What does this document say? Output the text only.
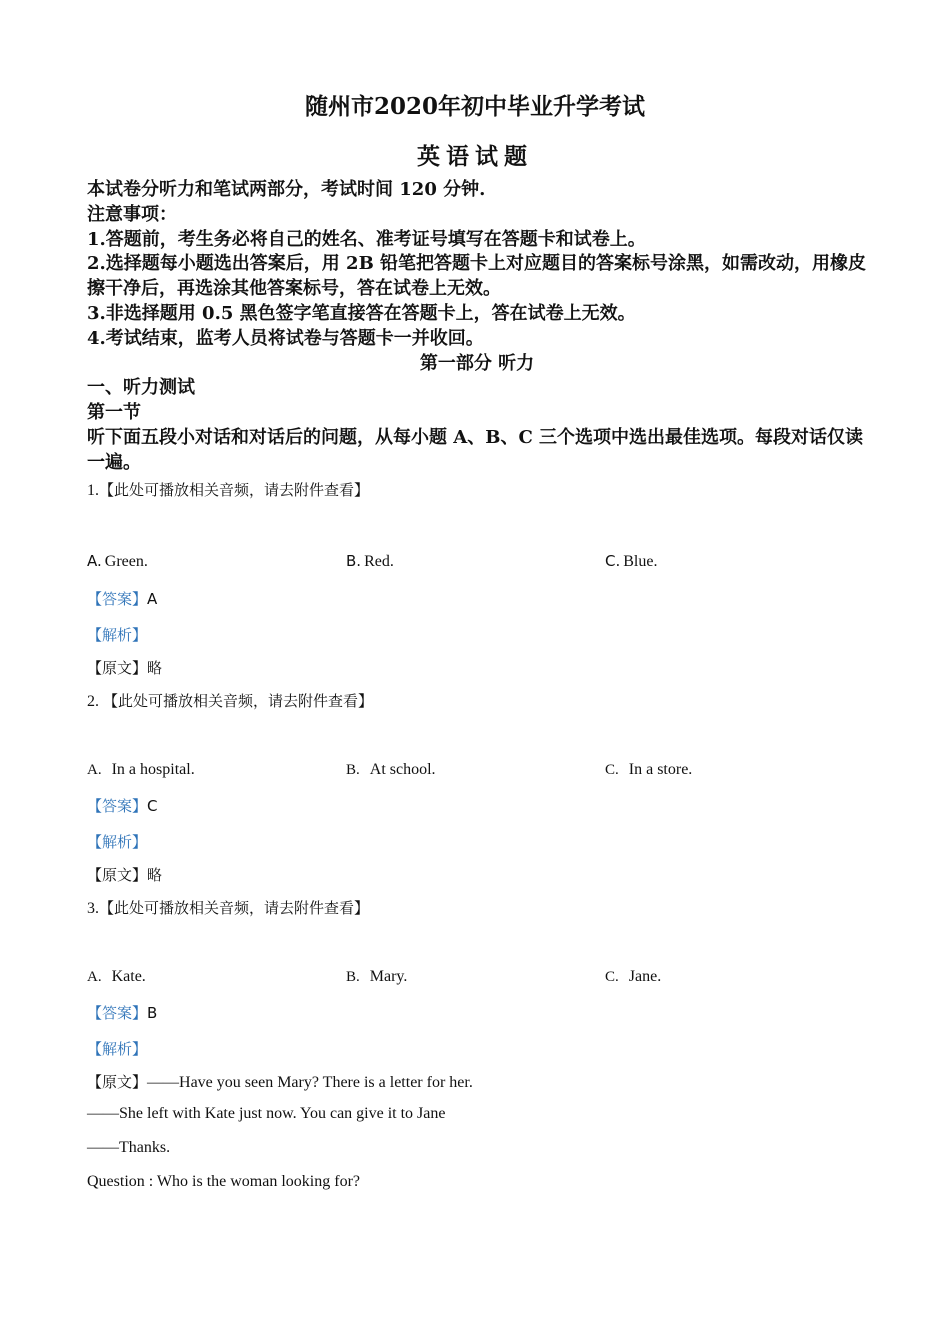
随州市2020年初中毕业升学考试
英语试题
本试卷分听力和笔试两部分，考试时间 120 分钟.
注意事项：
1.答题前，考生务必将自己的姓名、准考证号填写在答题卡和试卷上。
2.选择题每小题选出答案后，用 2B 铅笔把答题卡上对应题目的答案标号涂黑，如需改动，用橡皮擦干净后，再选涂其他答案标号，答在试卷上无效。
3.非选择题用 0.5 黑色签字笔直接答在答题卡上，答在试卷上无效。
4.考试结束，监考人员将试卷与答题卡一并收回。
第一部分 听力
一、听力测试
第一节
听下面五段小对话和对话后的问题，从每小题 A、B、C 三个选项中选出最佳选项。每段对话仅读一遍。
1.【此处可播放相关音频，请去附件查看】
A. Green.	B. Red.	C. Blue.
【答案】A
【解析】
【原文】略
2. 【此处可播放相关音频，请去附件查看】
A. In a hospital.	B. At school.	C. In a store.
【答案】C
【解析】
【原文】略
3.【此处可播放相关音频，请去附件查看】
A. Kate.	B. Mary.	C. Jane.
【答案】B
【解析】
【原文】——Have you seen Mary? There is a letter for her.
——She left with Kate just now. You can give it to Jane
——Thanks.
Question : Who is the woman looking for?
